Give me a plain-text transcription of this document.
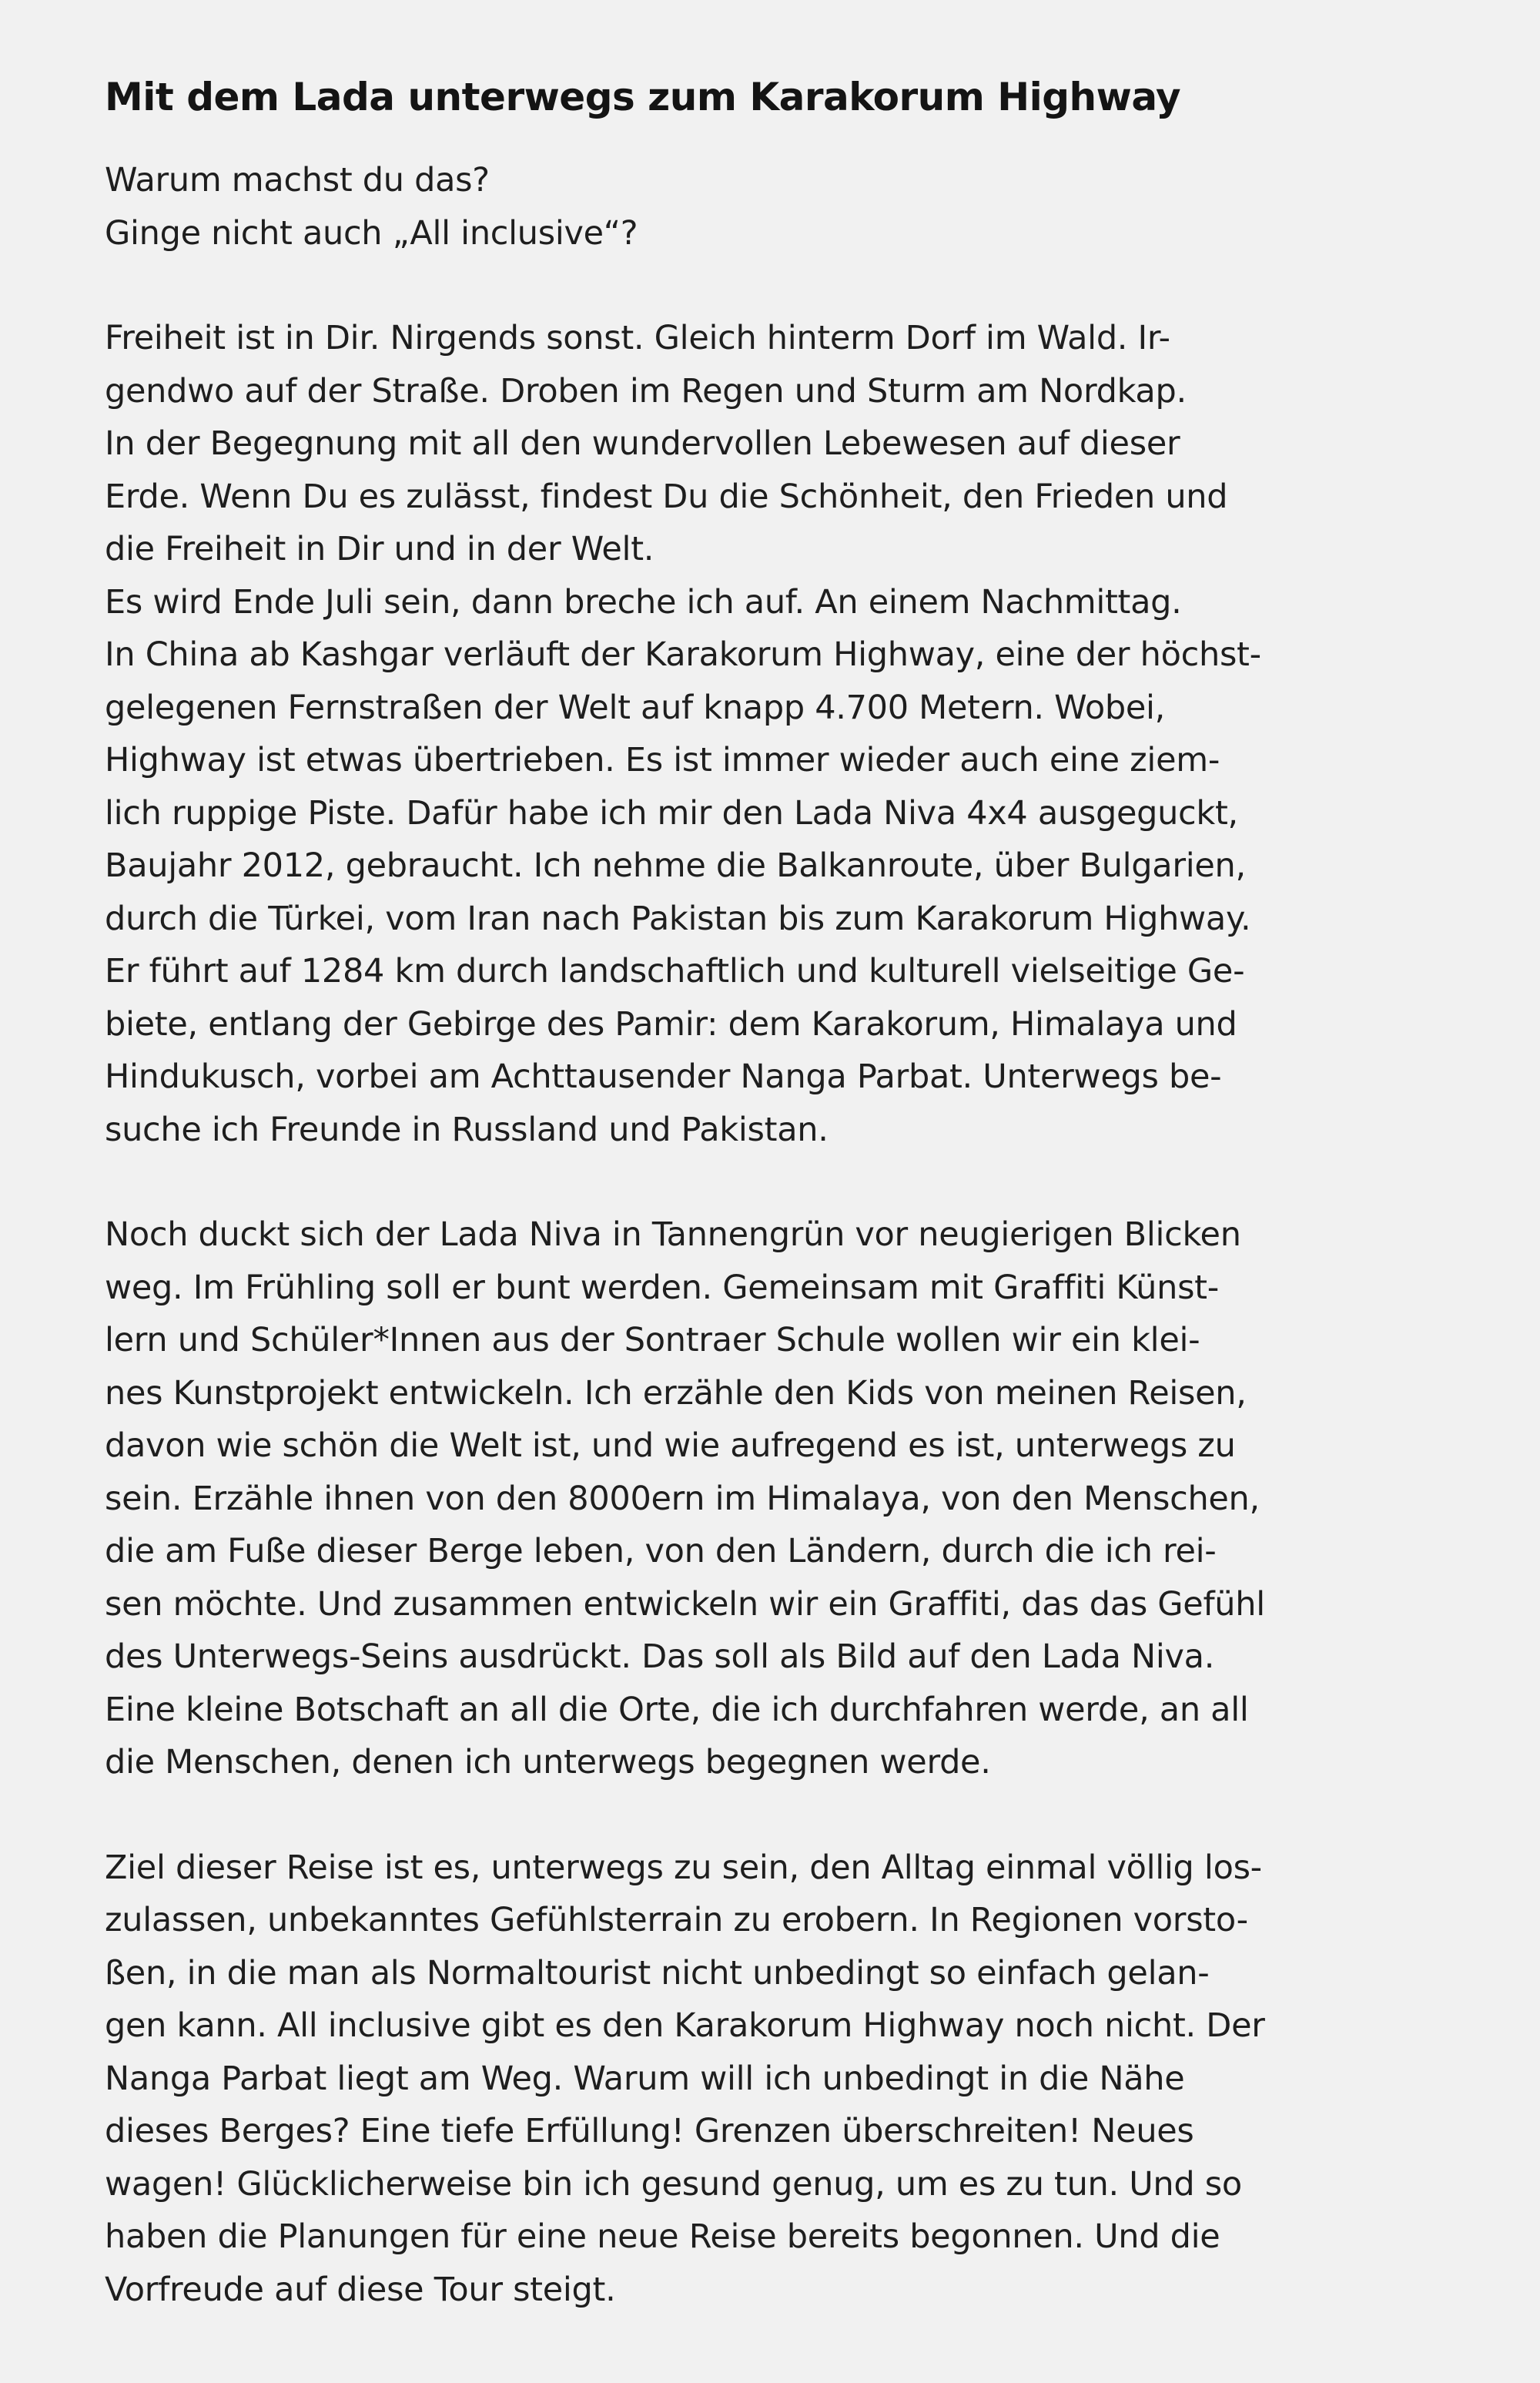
Mit dem Lada unterwegs zum Karakorum Highway
Warum machst du das?
Ginge nicht auch „All inclusive“?
Freiheit ist in Dir. Nirgends sonst. Gleich hinterm Dorf im Wald. Ir-
gendwo auf der Straße. Droben im Regen und Sturm am Nordkap.
In der Begegnung mit all den wundervollen Lebewesen auf dieser
Erde. Wenn Du es zulässt, findest Du die Schönheit, den Frieden und
die Freiheit in Dir und in der Welt.
Es wird Ende Juli sein, dann breche ich auf. An einem Nachmittag.
In China ab Kashgar verläuft der Karakorum Highway, eine der höchst-
gelegenen Fernstraßen der Welt auf knapp 4.700 Metern. Wobei,
Highway ist etwas übertrieben. Es ist immer wieder auch eine ziem-
lich ruppige Piste. Dafür habe ich mir den Lada Niva 4x4 ausgeguckt,
Baujahr 2012, gebraucht. Ich nehme die Balkanroute, über Bulgarien,
durch die Türkei, vom Iran nach Pakistan bis zum Karakorum Highway.
Er führt auf 1284 km durch landschaftlich und kulturell vielseitige Ge-
biete, entlang der Gebirge des Pamir: dem Karakorum, Himalaya und
Hindukusch, vorbei am Achttausender Nanga Parbat. Unterwegs be-
suche ich Freunde in Russland und Pakistan.
Noch duckt sich der Lada Niva in Tannengrün vor neugierigen Blicken
weg. Im Frühling soll er bunt werden. Gemeinsam mit Graffiti Künst-
lern und Schüler*Innen aus der Sontraer Schule wollen wir ein klei-
nes Kunstprojekt entwickeln. Ich erzähle den Kids von meinen Reisen,
davon wie schön die Welt ist, und wie aufregend es ist, unterwegs zu
sein. Erzähle ihnen von den 8000ern im Himalaya, von den Menschen,
die am Fuße dieser Berge leben, von den Ländern, durch die ich rei-
sen möchte. Und zusammen entwickeln wir ein Graffiti, das das Gefühl
des Unterwegs-Seins ausdrückt. Das soll als Bild auf den Lada Niva.
Eine kleine Botschaft an all die Orte, die ich durchfahren werde, an all
die Menschen, denen ich unterwegs begegnen werde.
Ziel dieser Reise ist es, unterwegs zu sein, den Alltag einmal völlig los-
zulassen, unbekanntes Gefühlsterrain zu erobern. In Regionen vorsto-
ßen, in die man als Normaltourist nicht unbedingt so einfach gelan-
gen kann. All inclusive gibt es den Karakorum Highway noch nicht. Der
Nanga Parbat liegt am Weg. Warum will ich unbedingt in die Nähe
dieses Berges? Eine tiefe Erfüllung! Grenzen überschreiten! Neues
wagen! Glücklicherweise bin ich gesund genug, um es zu tun. Und so
haben die Planungen für eine neue Reise bereits begonnen. Und die
Vorfreude auf diese Tour steigt.
